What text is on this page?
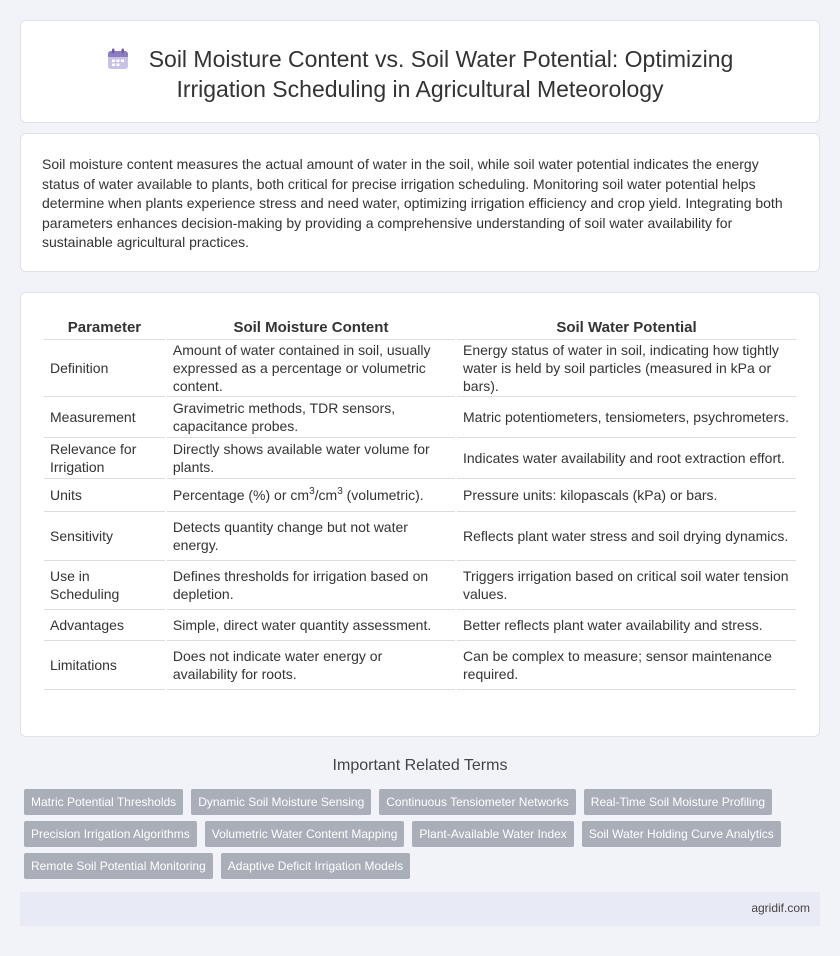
Soil Moisture Content vs. Soil Water Potential: Optimizing
Irrigation Scheduling in Agricultural Meteorology

Soil moisture content measures the actual amount of water in the soil, while soil water potential indicates the energy status of water available to plants, both critical for precise irrigation scheduling. Monitoring soil water potential helps determine when plants experience stress and need water, optimizing irrigation efficiency and crop yield. Integrating both parameters enhances decision-making by providing a comprehensive understanding of soil water availability for sustainable agricultural practices.

Parameter	Soil Moisture Content	Soil Water Potential
Definition	Amount of water contained in soil, usually expressed as a percentage or volumetric content.	Energy status of water in soil, indicating how tightly water is held by soil particles (measured in kPa or bars).
Measurement	Gravimetric methods, TDR sensors, capacitance probes.	Matric potentiometers, tensiometers, psychrometers.
Relevance for Irrigation	Directly shows available water volume for plants.	Indicates water availability and root extraction effort.
Units	Percentage (%) or $cm^3/cm^3$ (volumetric).	Pressure units: kilopascals (kPa) or bars.
Sensitivity	Detects quantity change but not water energy.	Reflects plant water stress and soil drying dynamics.
Use in Scheduling	Defines thresholds for irrigation based on depletion.	Triggers irrigation based on critical soil water tension values.
Advantages	Simple, direct water quantity assessment.	Better reflects plant water availability and stress.
Limitations	Does not indicate water energy or availability for roots.	Can be complex to measure; sensor maintenance required.
Important Related Terms
Matric Potential Thresholds	Dynamic Soil Moisture Sensing	Continuous Tensiometer Networks	Real-Time Soil Moisture Profiling
Precision Irrigation Algorithms	Volumetric Water Content Mapping	Plant-Available Water Index	Soil Water Holding Curve Analytics
Remote Soil Potential Monitoring	Adaptive Deficit Irrigation Models
agridif.com
